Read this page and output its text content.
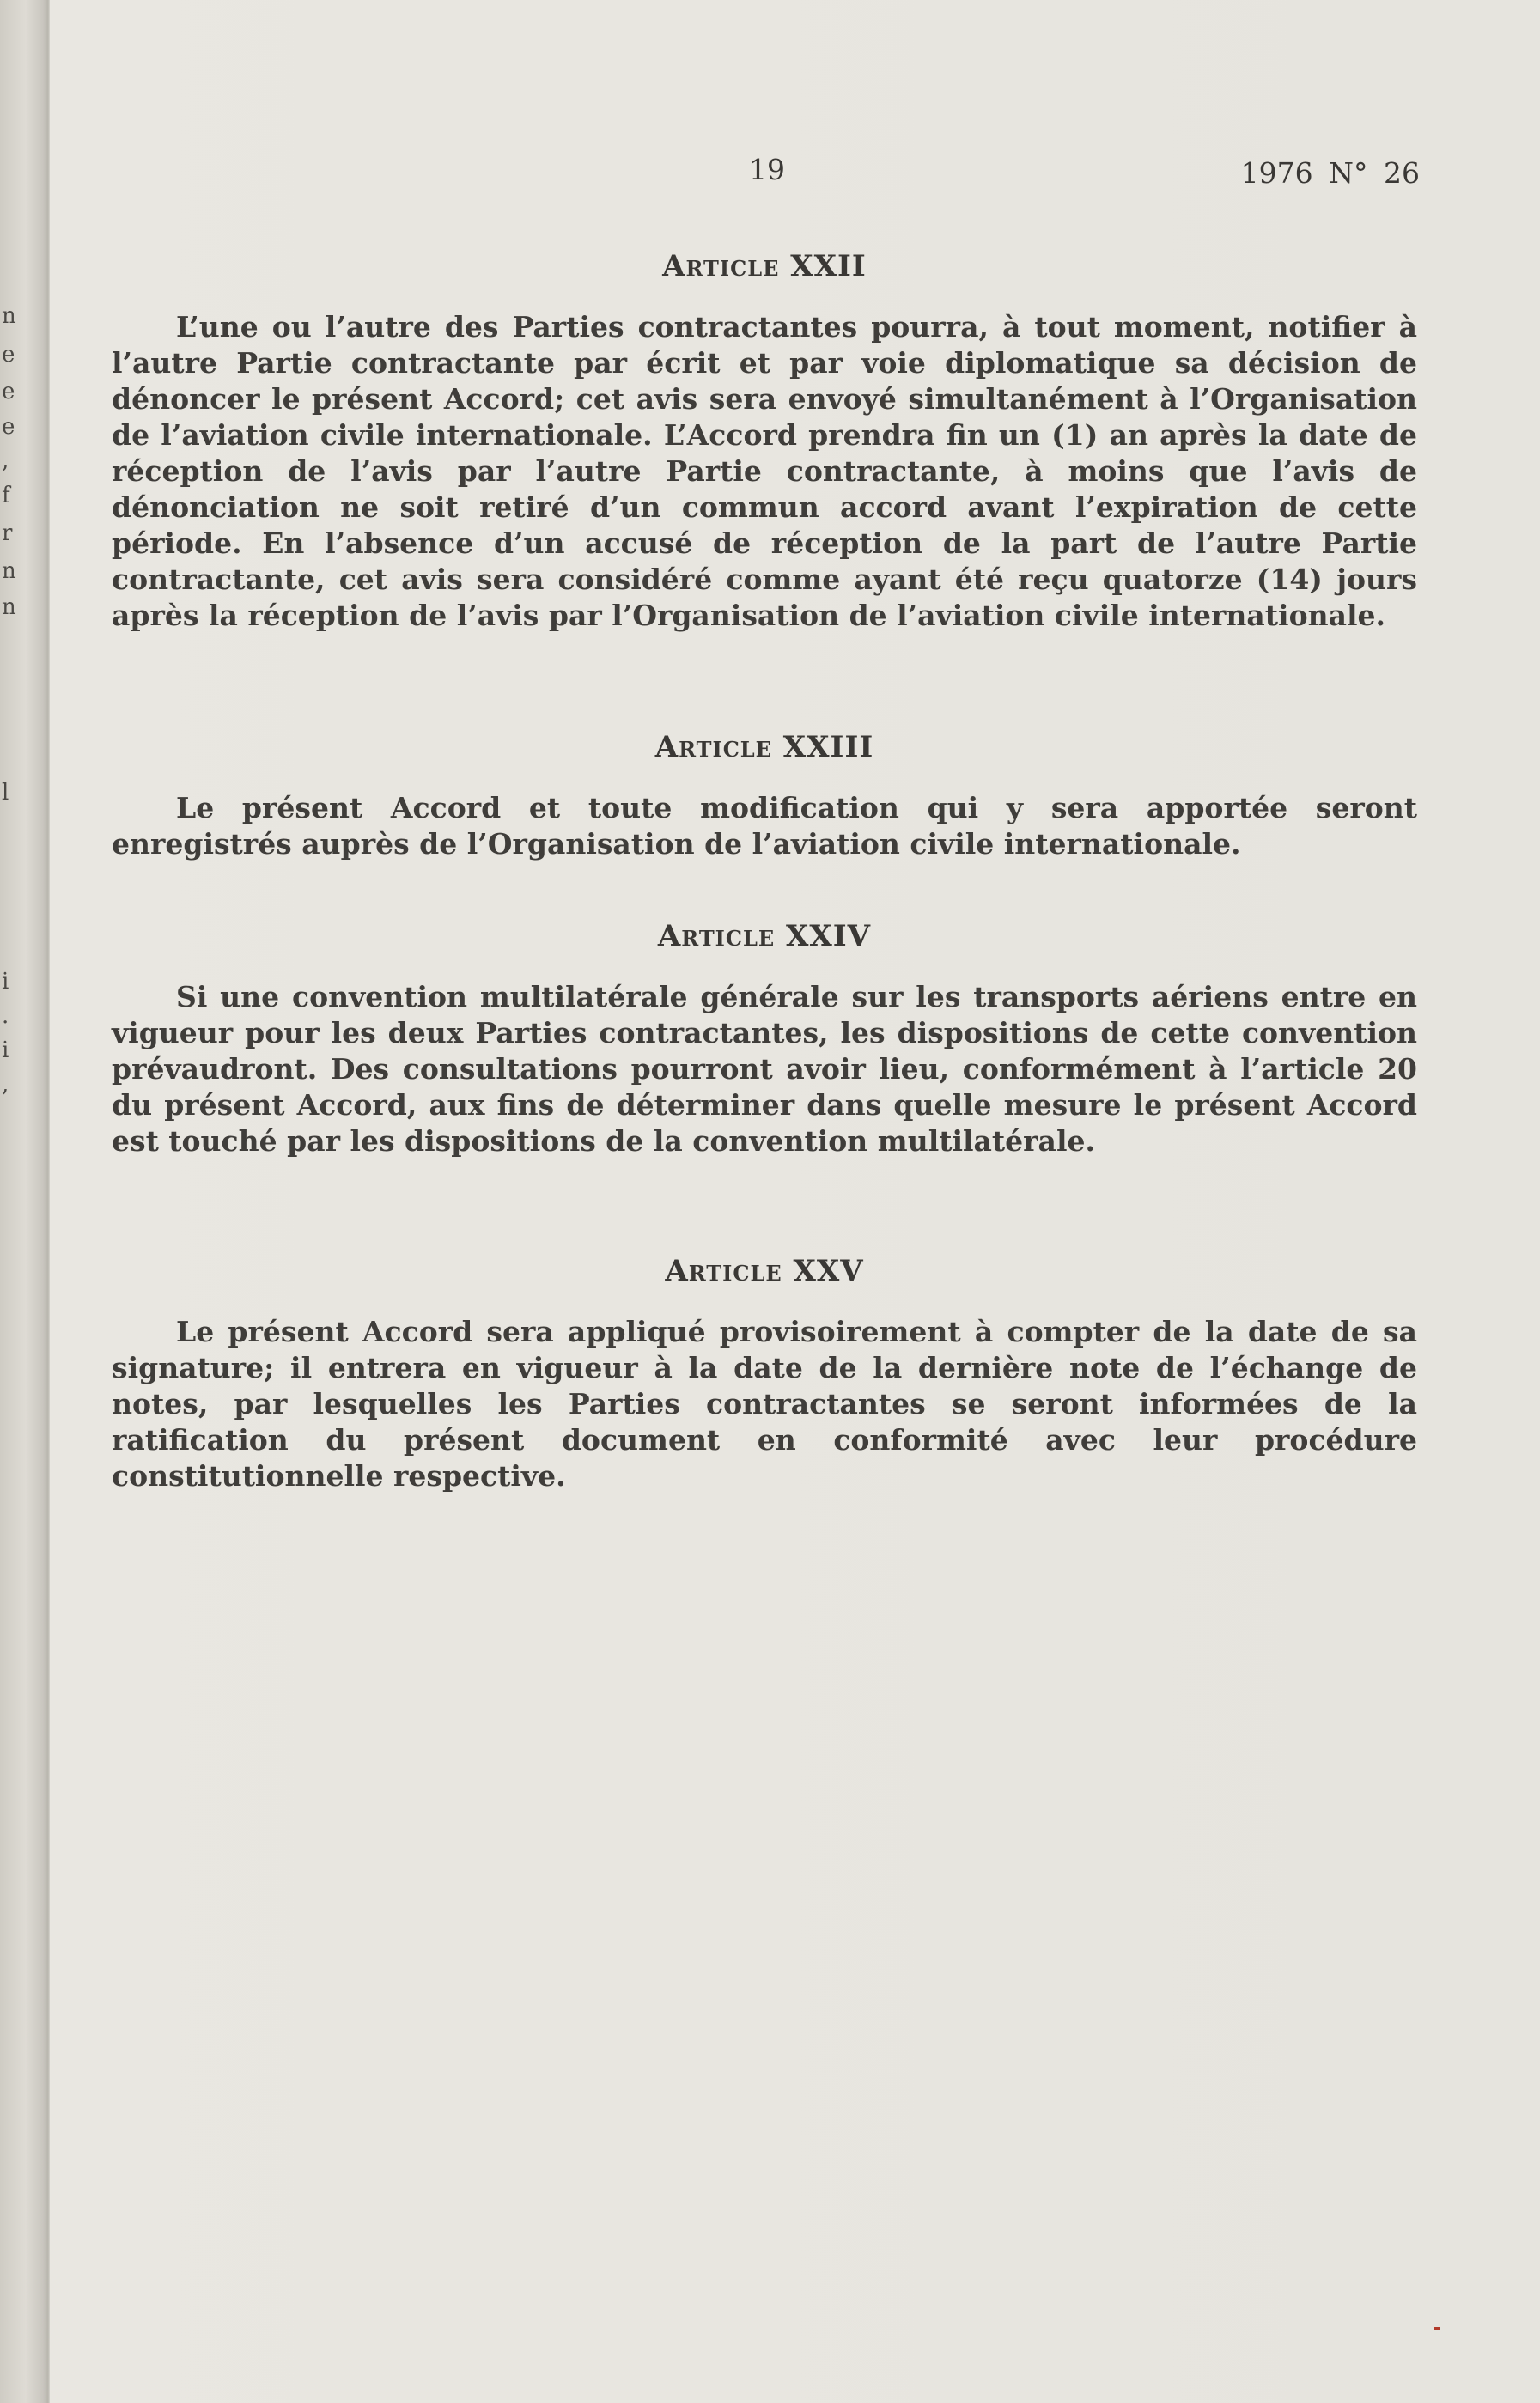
n
e
e
e
,
f
r
n
n
l
i
.
i
,
19	1976 N° 26
Article XXII

L’une ou l’autre des Parties contractantes pourra, à tout moment, notifier à l’autre Partie contractante par écrit et par voie diplomatique sa décision de dénoncer le présent Accord; cet avis sera envoyé simultanément à l’Organisation de l’aviation civile internationale. L’Accord prendra fin un (1) an après la date de réception de l’avis par l’autre Partie contractante, à moins que l’avis de dénonciation ne soit retiré d’un commun accord avant l’expiration de cette période. En l’absence d’un accusé de réception de la part de l’autre Partie contractante, cet avis sera considéré comme ayant été reçu quatorze (14) jours après la réception de l’avis par l’Organisation de l’aviation civile internationale.

Article XXIII

Le présent Accord et toute modification qui y sera apportée seront enregistrés auprès de l’Organisation de l’aviation civile internationale.

Article XXIV

Si une convention multilatérale générale sur les transports aériens entre en vigueur pour les deux Parties contractantes, les dispositions de cette convention prévaudront. Des consultations pourront avoir lieu, conformément à l’article 20 du présent Accord, aux fins de déterminer dans quelle mesure le présent Accord est touché par les dispositions de la convention multilatérale.

Article XXV

Le présent Accord sera appliqué provisoirement à compter de la date de sa signature; il entrera en vigueur à la date de la dernière note de l’échange de notes, par lesquelles les Parties contractantes se seront informées de la ratification du présent document en conformité avec leur procédure constitutionnelle respective.
